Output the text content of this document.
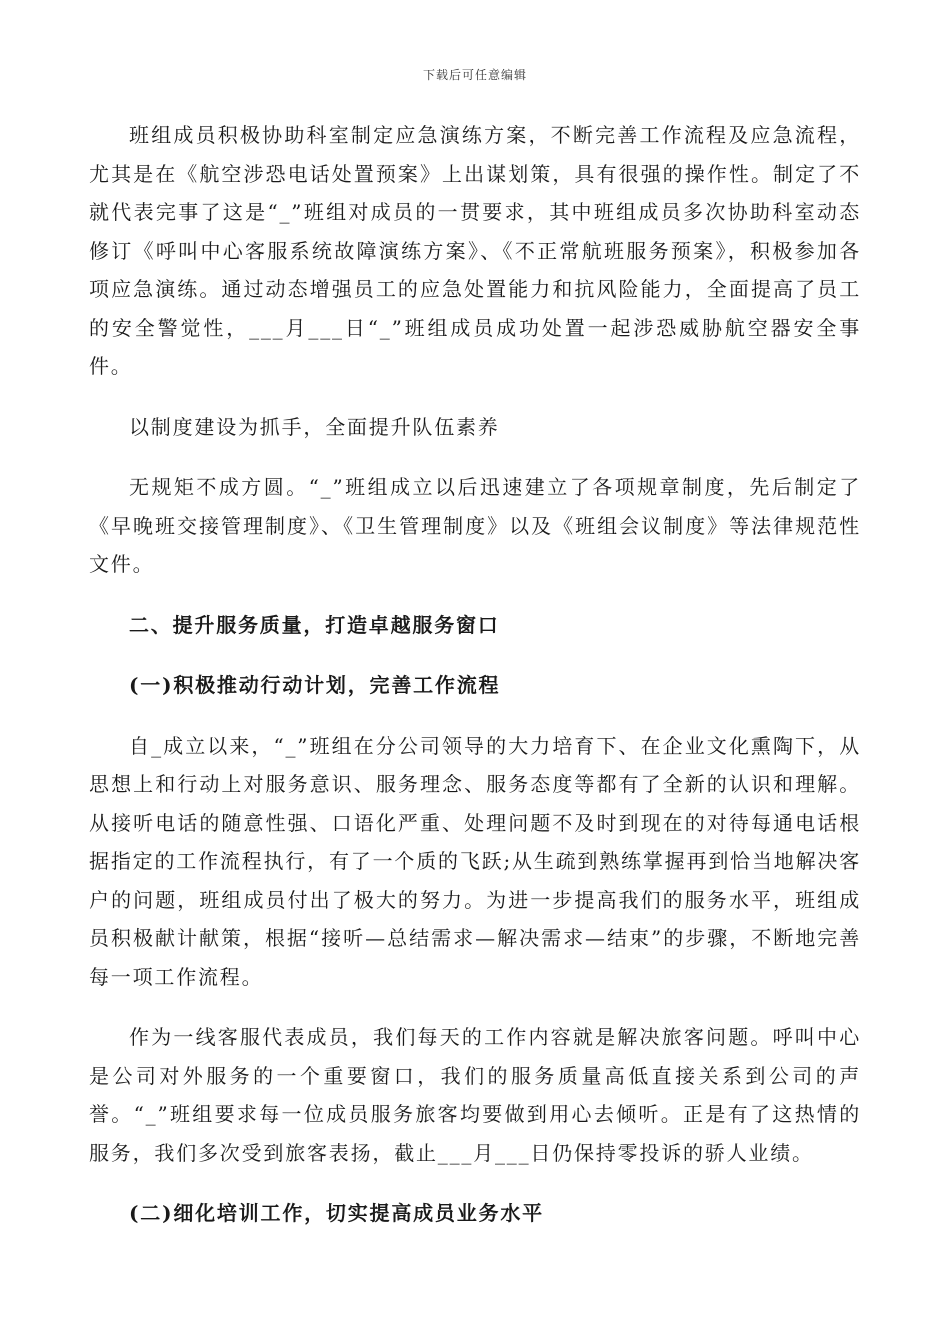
下载后可任意编辑

班组成员积极协助科室制定应急演练方案，不断完善工作流程及应急流程，尤其是在《航空涉恐电话处置预案》上出谋划策，具有很强的操作性。制定了不就代表完事了这是“_”班组对成员的一贯要求，其中班组成员多次协助科室动态修订《呼叫中心客服系统故障演练方案》、《不正常航班服务预案》，积极参加各项应急演练。通过动态增强员工的应急处置能力和抗风险能力，全面提高了员工的安全警觉性，___月___日“_”班组成员成功处置一起涉恐威胁航空器安全事件。

以制度建设为抓手，全面提升队伍素养

无规矩不成方圆。“_”班组成立以后迅速建立了各项规章制度，先后制定了《早晚班交接管理制度》、《卫生管理制度》以及《班组会议制度》等法律规范性文件。

二、提升服务质量，打造卓越服务窗口

(一)积极推动行动计划，完善工作流程

自_成立以来，“_”班组在分公司领导的大力培育下、在企业文化熏陶下，从思想上和行动上对服务意识、服务理念、服务态度等都有了全新的认识和理解。从接听电话的随意性强、口语化严重、处理问题不及时到现在的对待每通电话根据指定的工作流程执行，有了一个质的飞跃;从生疏到熟练掌握再到恰当地解决客户的问题，班组成员付出了极大的努力。为进一步提高我们的服务水平，班组成员积极献计献策，根据“接听—总结需求—解决需求—结束”的步骤，不断地完善每一项工作流程。

作为一线客服代表成员，我们每天的工作内容就是解决旅客问题。呼叫中心是公司对外服务的一个重要窗口，我们的服务质量高低直接关系到公司的声誉。“_”班组要求每一位成员服务旅客均要做到用心去倾听。正是有了这热情的服务，我们多次受到旅客表扬，截止___月___日仍保持零投诉的骄人业绩。

(二)细化培训工作，切实提高成员业务水平
